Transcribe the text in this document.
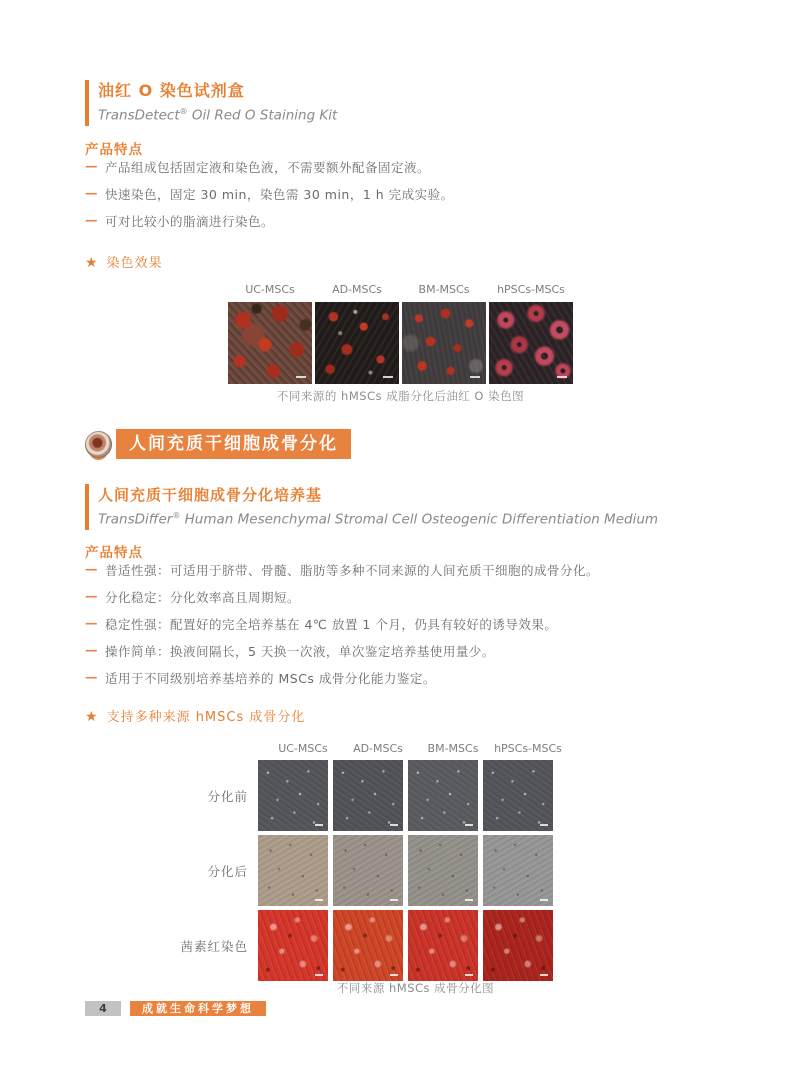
油红 O 染色试剂盒
TransDetect® Oil Red O Staining Kit
产品特点
— 产品组成包括固定液和染色液，不需要额外配备固定液。
— 快速染色，固定 30 min，染色需 30 min，1 h 完成实验。
— 可对比较小的脂滴进行染色。
★ 染色效果
UC-MSCs	AD-MSCs	BM-MSCs	hPSCs-MSCs
不同来源的 hMSCs 成脂分化后油红 O 染色图
人间充质干细胞成骨分化
人间充质干细胞成骨分化培养基
TransDiffer® Human Mesenchymal Stromal Cell Osteogenic Differentiation Medium
产品特点
— 普适性强：可适用于脐带、骨髓、脂肪等多种不同来源的人间充质干细胞的成骨分化。
— 分化稳定：分化效率高且周期短。
— 稳定性强：配置好的完全培养基在 4℃ 放置 1 个月，仍具有较好的诱导效果。
— 操作简单：换液间隔长，5 天换一次液，单次鉴定培养基使用量少。
— 适用于不同级别培养基培养的 MSCs 成骨分化能力鉴定。
★ 支持多种来源 hMSCs 成骨分化
UC-MSCs	AD-MSCs	BM-MSCs	hPSCs-MSCs
分化前
分化后
茜素红染色
不同来源 hMSCs 成骨分化图
4	成就生命科学梦想
